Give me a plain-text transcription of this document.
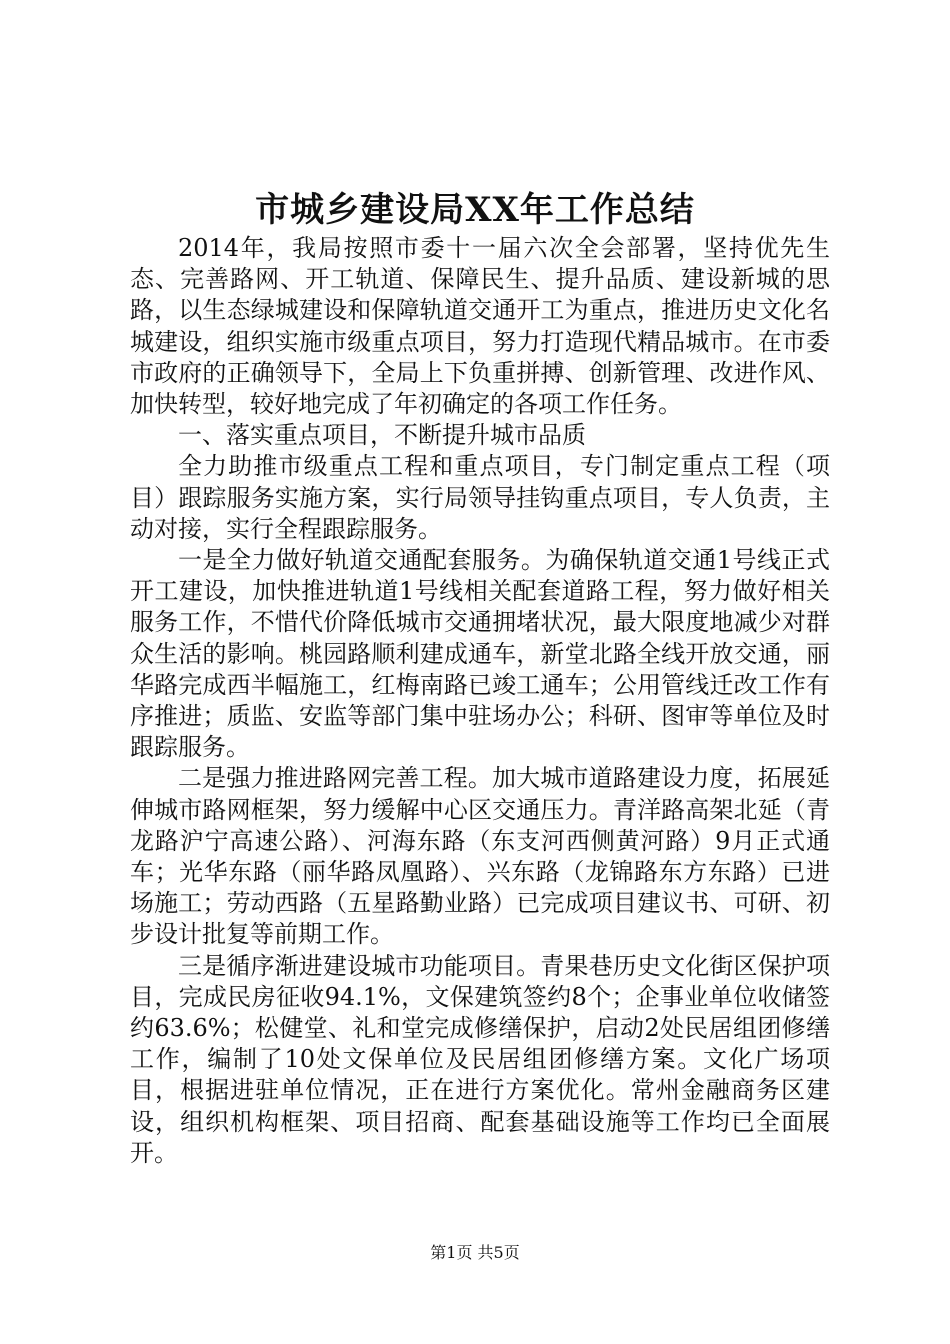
市城乡建设局XX年工作总结

2014年，我局按照市委十一届六次全会部署，坚持优先生态、完善路网、开工轨道、保障民生、提升品质、建设新城的思路，以生态绿城建设和保障轨道交通开工为重点，推进历史文化名城建设，组织实施市级重点项目，努力打造现代精品城市。在市委市政府的正确领导下，全局上下负重拼搏、创新管理、改进作风、加快转型，较好地完成了年初确定的各项工作任务。

一、落实重点项目，不断提升城市品质

全力助推市级重点工程和重点项目，专门制定重点工程（项目）跟踪服务实施方案，实行局领导挂钩重点项目，专人负责，主动对接，实行全程跟踪服务。

一是全力做好轨道交通配套服务。为确保轨道交通1号线正式开工建设，加快推进轨道1号线相关配套道路工程，努力做好相关服务工作，不惜代价降低城市交通拥堵状况，最大限度地减少对群众生活的影响。桃园路顺利建成通车，新堂北路全线开放交通，丽华路完成西半幅施工，红梅南路已竣工通车；公用管线迁改工作有序推进；质监、安监等部门集中驻场办公；科研、图审等单位及时跟踪服务。

二是强力推进路网完善工程。加大城市道路建设力度，拓展延伸城市路网框架，努力缓解中心区交通压力。青洋路高架北延（青龙路沪宁高速公路）、河海东路（东支河西侧黄河路）9月正式通车；光华东路（丽华路凤凰路）、兴东路（龙锦路东方东路）已进场施工；劳动西路（五星路勤业路）已完成项目建议书、可研、初步设计批复等前期工作。

三是循序渐进建设城市功能项目。青果巷历史文化街区保护项目，完成民房征收94.1%，文保建筑签约8个；企事业单位收储签约63.6%；松健堂、礼和堂完成修缮保护，启动2处民居组团修缮工作，编制了10处文保单位及民居组团修缮方案。文化广场项目，根据进驻单位情况，正在进行方案优化。常州金融商务区建设，组织机构框架、项目招商、配套基础设施等工作均已全面展开。

第1页 共5页
